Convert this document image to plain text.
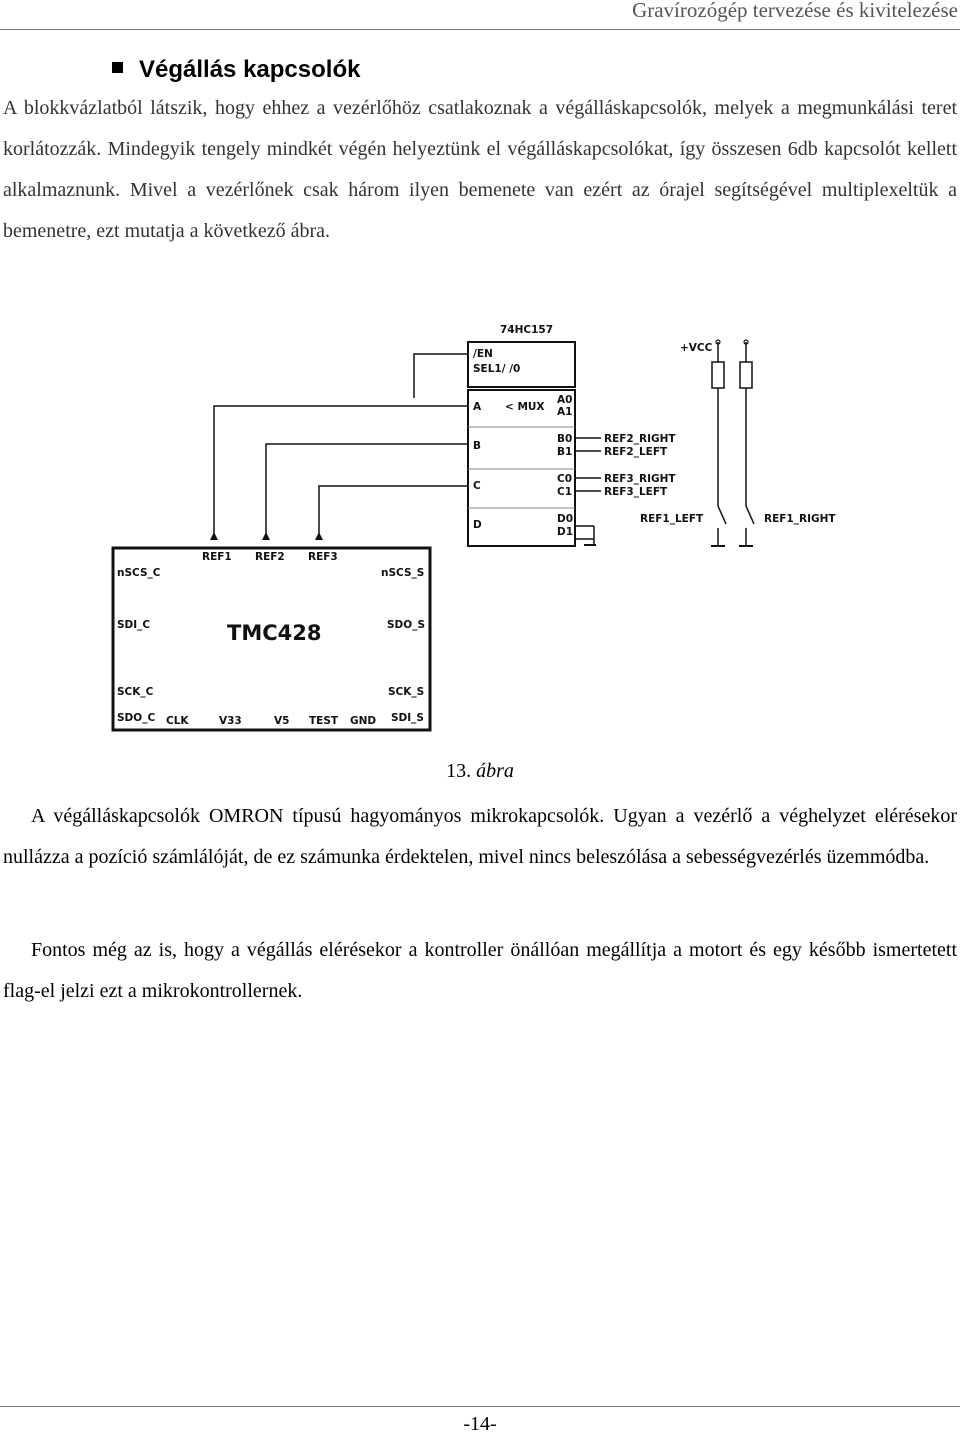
Gravírozógép tervezése és kivitelezése
Végállás kapcsolók
A blokkvázlatból látszik, hogy ehhez a vezérlőhöz csatlakoznak a végálláskapcsolók, melyek a megmunkálási teret korlátozzák. Mindegyik tengely mindkét végén helyeztünk el végálláskapcsolókat, így összesen 6db kapcsolót kellett alkalmaznunk. Mivel a vezérlőnek csak három ilyen bemenete van ezért az órajel segítségével multiplexeltük a bemenetre, ezt mutatja a következő ábra.
74HC157
/EN
SEL1/ /0
A < MUX
B
C
D
A0
A1
B0
B1
C0
C1
D0
D1
REF2_RIGHT
REF2_LEFT
REF3_RIGHT
REF3_LEFT
+VCC
REF1_LEFT	REF1_RIGHT
REF1 REF2 REF3
nSCS_C	nSCS_S
SDI_C	SDO_S
TMC428
SCK_C	SCK_S
SDO_C CLK	V33	V5 TEST GND SDI_S
13. ábra
A végálláskapcsolók OMRON típusú hagyományos mikrokapcsolók. Ugyan a vezérlő a véghelyzet elérésekor nullázza a pozíció számlálóját, de ez számunka érdektelen, mivel nincs beleszólása a sebességvezérlés üzemmódba.
Fontos még az is, hogy a végállás elérésekor a kontroller önállóan megállítja a motort és egy később ismertetett flag-el jelzi ezt a mikrokontrollernek.
-14-
